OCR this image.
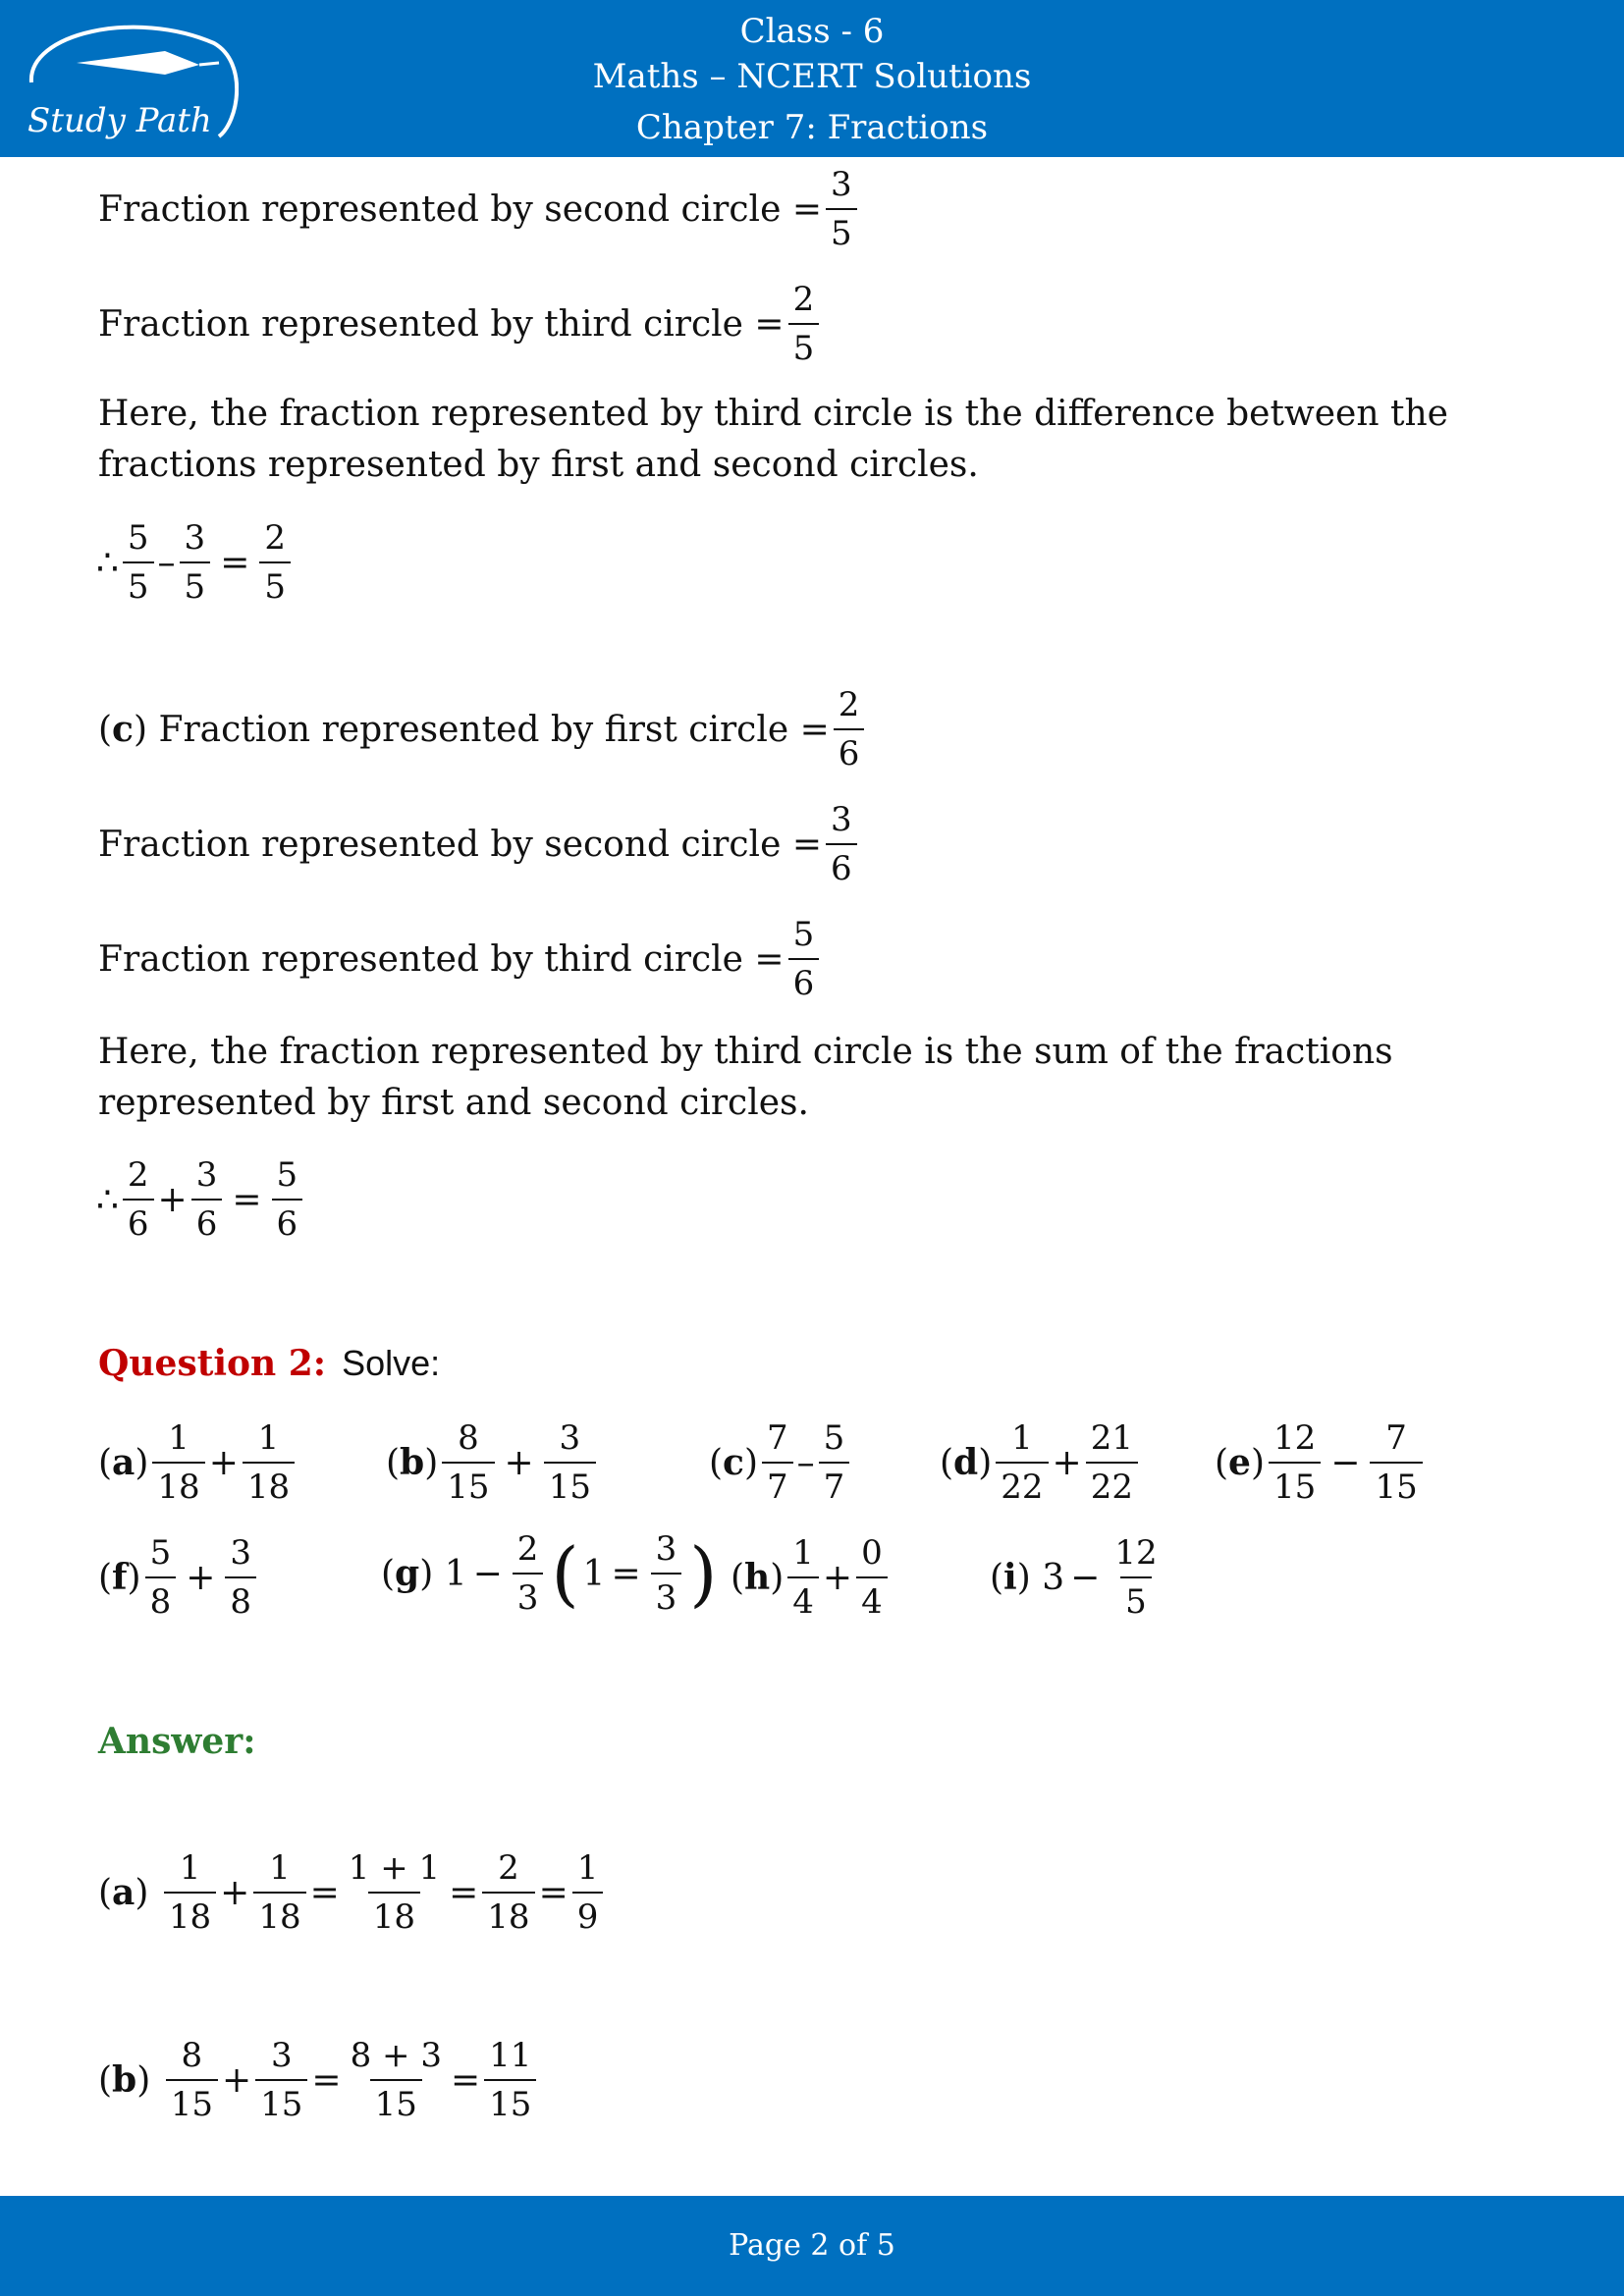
Study Path
Class - 6
Maths – NCERT Solutions
Chapter 7: Fractions
Fraction represented by second circle = $\frac{3}{5}$
Fraction represented by third circle = $\frac{2}{5}$
Here, the fraction represented by third circle is the difference between the fractions represented by first and second circles.
∴ $\frac{5}{5} - \frac{3}{5} = \frac{2}{5}$
( c ) Fraction represented by first circle = $\frac{2}{6}$
Fraction represented by second circle = $\frac{3}{6}$
Fraction represented by third circle = $\frac{5}{6}$
Here, the fraction represented by third circle is the sum of the fractions represented by first and second circles.
∴ $\frac{2}{6} + \frac{3}{6} = \frac{5}{6}$
Question 2: Solve:
( a ) $\frac{1}{18} + \frac{1}{18}$	( b ) $\frac{8}{15} + \frac{3}{15}$	( c ) $\frac{7}{7} - \frac{5}{7}$	( d ) $\frac{1}{22} + \frac{21}{22}$ ( e ) $\frac{12}{15} - \frac{7}{15}$
( f ) $\frac{5}{8} + \frac{3}{8}$	( g ) $1 - \frac{2}{3}$ ( $1 = \frac{3}{3}$ ) ( h ) $\frac{1}{4} + \frac{0}{4}$	( i ) $3 - \frac{12}{5}$
Answer:
( a ) $\frac{1}{18} + \frac{1}{18} = \frac{1 + 1}{18} = \frac{2}{18} = \frac{1}{9}$
( b ) $\frac{8}{15} + \frac{3}{15} = \frac{8 + 3}{15} = \frac{11}{15}$
Page 2 of 5
